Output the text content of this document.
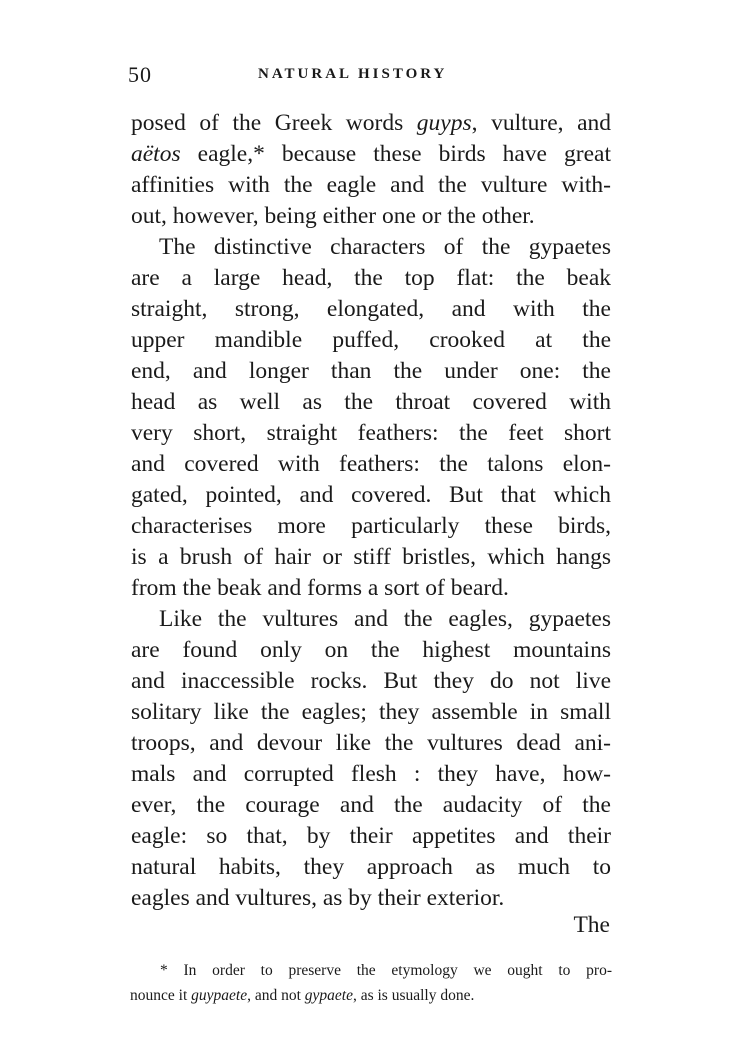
50	NATURAL HISTORY
posed of the Greek words guyps, vulture, and
aëtos eagle,* because these birds have great
affinities with the eagle and the vulture with-
out, however, being either one or the other.
The distinctive characters of the gypaetes
are a large head, the top flat: the beak
straight, strong, elongated, and with the
upper mandible puffed, crooked at the
end, and longer than the under one: the
head as well as the throat covered with
very short, straight feathers: the feet short
and covered with feathers: the talons elon-
gated, pointed, and covered. But that which
characterises more particularly these birds,
is a brush of hair or stiff bristles, which hangs
from the beak and forms a sort of beard.
Like the vultures and the eagles, gypaetes
are found only on the highest mountains
and inaccessible rocks. But they do not live
solitary like the eagles; they assemble in small
troops, and devour like the vultures dead ani-
mals and corrupted flesh : they have, how-
ever, the courage and the audacity of the
eagle: so that, by their appetites and their
natural habits, they approach as much to
eagles and vultures, as by their exterior.
The
* In order to preserve the etymology we ought to pro-
nounce it guypaete, and not gypaete, as is usually done.
